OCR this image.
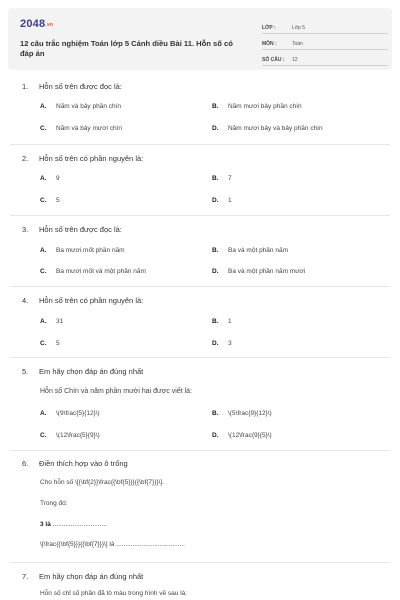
2048.vn
12 câu trắc nghiệm Toán lớp 5 Cánh diều Bài 11. Hỗn số có đáp án
LỚP :	Lớp 5
MÔN :	Toán
SỐ CÂU : 12
1.	Hỗn số trên được đọc là:
A.	Năm và bảy phần chín	B.	Năm mươi bảy phần chín
C.	Năm và bảy mươi chín	D.	Năm mươi bảy và bảy phần chín
2.	Hỗn số trên có phần nguyên là:
A.	9	B.	7
C.	5	D.	1
3.	Hỗn số trên được đọc là:
A.	Ba mươi mốt phần năm	B.	Ba và một phần năm
C.	Ba mươi mốt và một phần năm	D.	Ba và một phần năm mươi
4.	Hỗn số trên có phần nguyên là:
A.	31	B.	1
C.	5	D.	3
5.	Em hãy chọn đáp án đúng nhất
Hỗn số Chín và năm phần mười hai được viết là:
A.	\(9\frac{5}{12}\)	B.	\(5\frac{9}{12}\)
C.	\(12\frac{5}{9}\)	D.	\(12\frac{9}{5}\)
6.	Điền thích hợp vào ô trống
Cho hỗn số \[{\bf{2}}\frac{{\bf{5}}}{{\bf{7}}}\].
Trong đó:
3 là ..............................
\[\frac{{\bf{5}}}{{\bf{7}}}\] là ......................................
7.	Em hãy chọn đáp án đúng nhất
Hỗn số chỉ số phần đã tô màu trong hình vẽ sau là:
